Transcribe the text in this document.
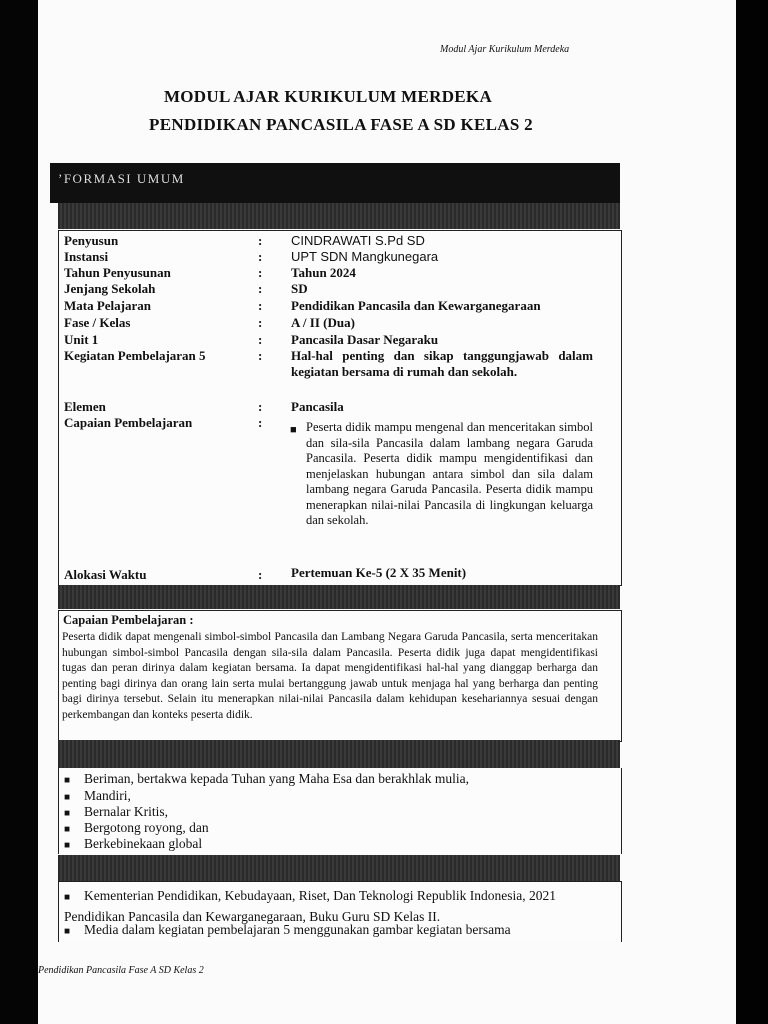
Modul Ajar Kurikulum Merdeka
MODUL AJAR KURIKULUM MERDEKA
PENDIDIKAN PANCASILA FASE A SD KELAS 2
’FORMASI UMUM
Penyusun	: CINDRAWATI S.Pd SD
Instansi	: UPT SDN Mangkunegara
Tahun Penyusunan	: Tahun 2024
Jenjang Sekolah	: SD
Mata Pelajaran	: Pendidikan Pancasila dan Kewarganegaraan
Fase / Kelas	: A / II (Dua)
Unit 1	: Pancasila Dasar Negaraku
Kegiatan Pembelajaran 5	: Hal-hal penting dan sikap tanggungjawab dalam kegiatan bersama di rumah dan sekolah.
Elemen	: Pancasila
Capaian Pembelajaran	:	■ Peserta didik mampu mengenal dan menceritakan simbol dan sila-sila Pancasila dalam lambang negara Garuda Pancasila. Peserta didik mampu mengidentifikasi dan menjelaskan hubungan antara simbol dan sila dalam lambang negara Garuda Pancasila. Peserta didik mampu menerapkan nilai-nilai Pancasila di lingkungan keluarga dan sekolah.
Alokasi Waktu	: Pertemuan Ke-5 (2 X 35 Menit)
Capaian Pembelajaran :
Peserta didik dapat mengenali simbol-simbol Pancasila dan Lambang Negara Garuda Pancasila, serta menceritakan hubungan simbol-simbol Pancasila dengan sila-sila dalam Pancasila. Peserta didik juga dapat mengidentifikasi tugas dan peran dirinya dalam kegiatan bersama. Ia dapat mengidentifikasi hal-hal yang dianggap berharga dan penting bagi dirinya dan orang lain serta mulai bertanggung jawab untuk menjaga hal yang berharga dan penting bagi dirinya tersebut. Selain itu menerapkan nilai-nilai Pancasila dalam kehidupan kesehariannya sesuai dengan perkembangan dan konteks peserta didik.
■ Beriman, bertakwa kepada Tuhan yang Maha Esa dan berakhlak mulia,
■ Mandiri,
■ Bernalar Kritis,
■ Bergotong royong, dan
■ Berkebinekaan global
■ Kementerian Pendidikan, Kebudayaan, Riset, Dan Teknologi Republik Indonesia, 2021 Pendidikan Pancasila dan Kewarganegaraan, Buku Guru SD Kelas II.
■ Media dalam kegiatan pembelajaran 5 menggunakan gambar kegiatan bersama
Pendidikan Pancasila Fase A SD Kelas 2
